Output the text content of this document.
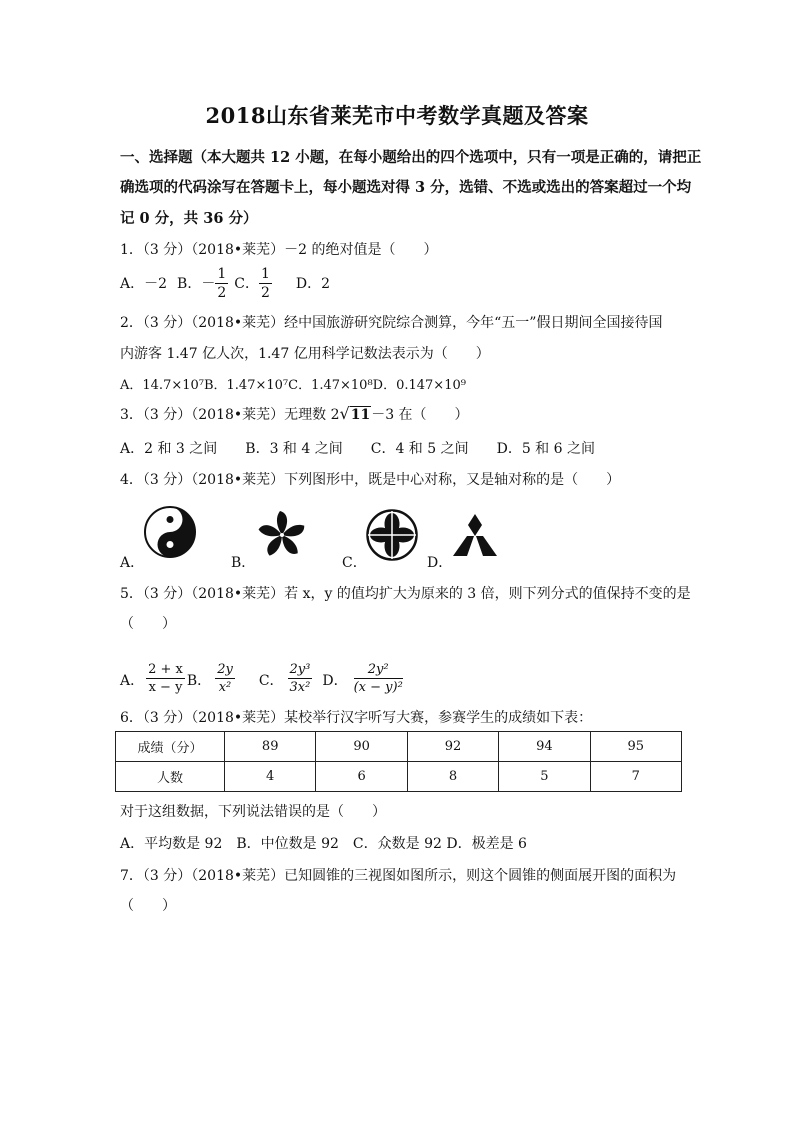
2018山东省莱芜市中考数学真题及答案
一、选择题（本大题共 12 小题，在每小题给出的四个选项中，只有一项是正确的，请把正
确选项的代码涂写在答题卡上，每小题选对得 3 分，选错、不选或选出的答案超过一个均
记 0 分，共 36 分）
1．（3 分）（2018•莱芜）－2 的绝对值是（　　）
A．－2 B．－
1
2
C．
1
2
D．2
2．（3 分）（2018•莱芜）经中国旅游研究院综合测算，今年“五一”假日期间全国接待国
内游客 1.47 亿人次，1.47 亿用科学记数法表示为（　　）
A．14.7×10⁷B．1.47×10⁷C．1.47×10⁸D．0.147×10⁹
3．（3 分）（2018•莱芜）无理数 2 √ 11 －3 在（　　）
A．2 和 3 之间　　B．3 和 4 之间　　C．4 和 5 之间　　D．5 和 6 之间
4．（3 分）（2018•莱芜）下列图形中，既是中心对称，又是轴对称的是（　　）
A．	B．	C．	D．
5．（3 分）（2018•莱芜）若 x，y 的值均扩大为原来的 3 倍，则下列分式的值保持不变的是
（　　）
A．
2 + x
x − y B．
2y
x² C．
2y³
3x² D．
2y²
(x − y)²
6．（3 分）（2018•莱芜）某校举行汉字听写大赛，参赛学生的成绩如下表：
成绩（分）	89	90	92	94	95
人数	4	6	8	5	7
对于这组数据，下列说法错误的是（　　）
A．平均数是 92　B．中位数是 92　C．众数是 92 D．极差是 6
7．（3 分）（2018•莱芜）已知圆锥的三视图如图所示，则这个圆锥的侧面展开图的面积为
（　　）
